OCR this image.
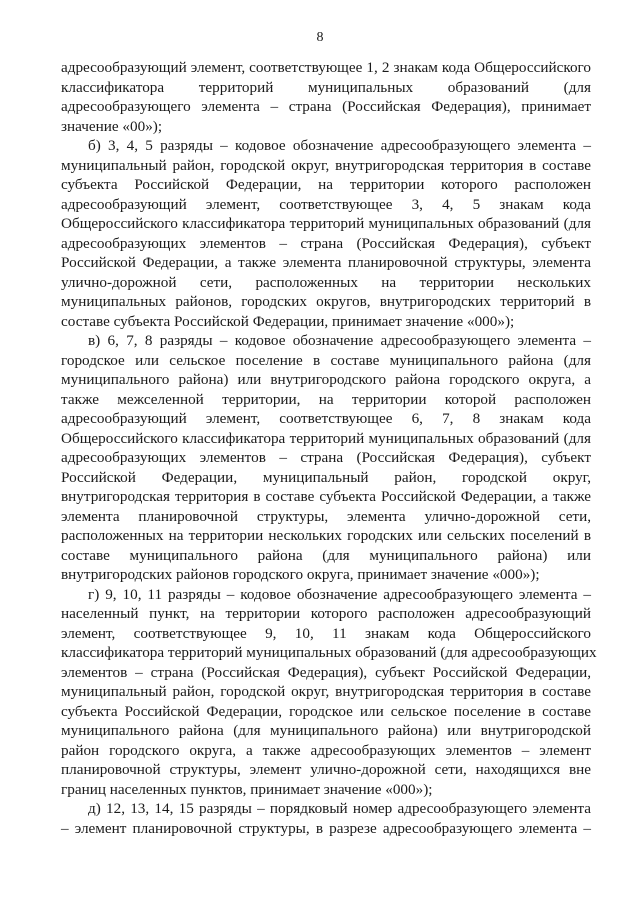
8
адресообразующий элемент, соответствующее 1, 2 знакам кода Общероссийского
классификатора территорий муниципальных образований (для
адресообразующего элемента – страна (Российская Федерация), принимает
значение «00»);
б) 3, 4, 5 разряды – кодовое обозначение адресообразующего элемента –
муниципальный район, городской округ, внутригородская территория в составе
субъекта Российской Федерации, на территории которого расположен
адресообразующий элемент, соответствующее 3, 4, 5 знакам кода
Общероссийского классификатора территорий муниципальных образований (для
адресообразующих элементов – страна (Российская Федерация), субъект
Российской Федерации, а также элемента планировочной структуры, элемента
улично-дорожной сети, расположенных на территории нескольких
муниципальных районов, городских округов, внутригородских территорий в
составе субъекта Российской Федерации, принимает значение «000»);
в) 6, 7, 8 разряды – кодовое обозначение адресообразующего элемента –
городское или сельское поселение в составе муниципального района (для
муниципального района) или внутригородского района городского округа, а
также межселенной территории, на территории которой расположен
адресообразующий элемент, соответствующее 6, 7, 8 знакам кода
Общероссийского классификатора территорий муниципальных образований (для
адресообразующих элементов – страна (Российская Федерация), субъект
Российской Федерации, муниципальный район, городской округ,
внутригородская территория в составе субъекта Российской Федерации, а также
элемента планировочной структуры, элемента улично-дорожной сети,
расположенных на территории нескольких городских или сельских поселений в
составе муниципального района (для муниципального района) или
внутригородских районов городского округа, принимает значение «000»);
г) 9, 10, 11 разряды – кодовое обозначение адресообразующего элемента –
населенный пункт, на территории которого расположен адресообразующий
элемент, соответствующее 9, 10, 11 знакам кода Общероссийского
классификатора территорий муниципальных образований (для адресообразующих
элементов – страна (Российская Федерация), субъект Российской Федерации,
муниципальный район, городской округ, внутригородская территория в составе
субъекта Российской Федерации, городское или сельское поселение в составе
муниципального района (для муниципального района) или внутригородской
район городского округа, а также адресообразующих элементов – элемент
планировочной структуры, элемент улично-дорожной сети, находящихся вне
границ населенных пунктов, принимает значение «000»);
д) 12, 13, 14, 15 разряды – порядковый номер адресообразующего элемента
– элемент планировочной структуры, в разрезе адресообразующего элемента –
